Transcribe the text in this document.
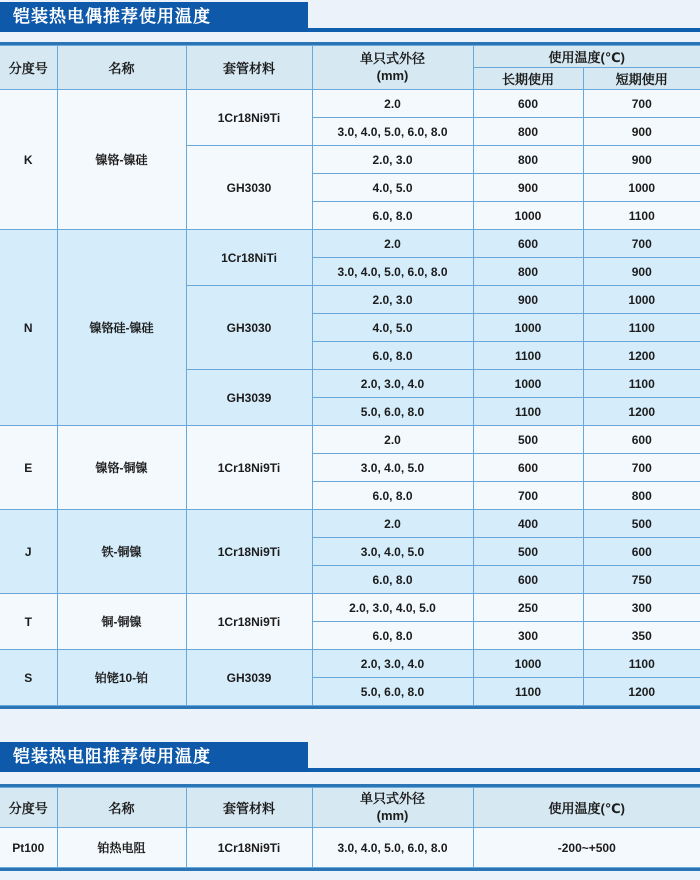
铠装热电偶推荐使用温度
分度号	名称	套管材料	单只式外径
(mm)	使用温度(℃)	
				长期使用	短期使用
K	镍铬-镍硅	1Cr18Ni9Ti	2.0	600	700
			3.0, 4.0, 5.0, 6.0, 8.0	800	900
		GH3030	2.0, 3.0	800	900
			4.0, 5.0	900	1000
			6.0, 8.0	1000	1100
N	镍铬硅-镍硅	1Cr18NiTi	2.0	600	700
			3.0, 4.0, 5.0, 6.0, 8.0	800	900
		GH3030	2.0, 3.0	900	1000
			4.0, 5.0	1000	1100
			6.0, 8.0	1100	1200
		GH3039	2.0, 3.0, 4.0	1000	1100
			5.0, 6.0, 8.0	1100	1200
E	镍铬-铜镍	1Cr18Ni9Ti	2.0	500	600
			3.0, 4.0, 5.0	600	700
			6.0, 8.0	700	800
J	铁-铜镍	1Cr18Ni9Ti	2.0	400	500
			3.0, 4.0, 5.0	500	600
			6.0, 8.0	600	750
T	铜-铜镍	1Cr18Ni9Ti	2.0, 3.0, 4.0, 5.0	250	300
			6.0, 8.0	300	350
S	铂铑10-铂	GH3039	2.0, 3.0, 4.0	1000	1100
			5.0, 6.0, 8.0	1100	1200
铠装热电阻推荐使用温度
分度号	名称	套管材料	单只式外径
(mm)	使用温度(℃)
Pt100	铂热电阻	1Cr18Ni9Ti	3.0, 4.0, 5.0, 6.0, 8.0	-200~+500
